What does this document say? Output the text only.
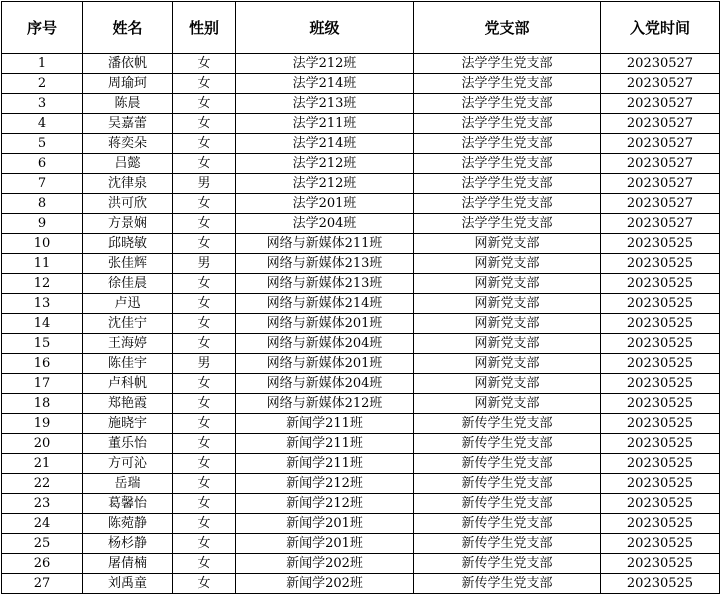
序号	姓名	性别	班级	党支部	入党时间
1	潘依帆	女	法学212班	法学学生党支部	20230527
2	周瑜珂	女	法学214班	法学学生党支部	20230527
3	陈晨	女	法学213班	法学学生党支部	20230527
4	吴嘉蕾	女	法学211班	法学学生党支部	20230527
5	蒋奕朵	女	法学214班	法学学生党支部	20230527
6	吕懿	女	法学212班	法学学生党支部	20230527
7	沈律泉	男	法学212班	法学学生党支部	20230527
8	洪可欣	女	法学201班	法学学生党支部	20230527
9	方景娴	女	法学204班	法学学生党支部	20230527
10	邱晓敏	女	网络与新媒体211班	网新党支部	20230525
11	张佳辉	男	网络与新媒体213班	网新党支部	20230525
12	徐佳晨	女	网络与新媒体213班	网新党支部	20230525
13	卢迅	女	网络与新媒体214班	网新党支部	20230525
14	沈佳宁	女	网络与新媒体201班	网新党支部	20230525
15	王海婷	女	网络与新媒体204班	网新党支部	20230525
16	陈佳宇	男	网络与新媒体201班	网新党支部	20230525
17	卢科帆	女	网络与新媒体204班	网新党支部	20230525
18	郑艳霞	女	网络与新媒体212班	网新党支部	20230525
19	施晓宇	女	新闻学211班	新传学生党支部	20230525
20	董乐怡	女	新闻学211班	新传学生党支部	20230525
21	方可沁	女	新闻学211班	新传学生党支部	20230525
22	岳瑞	女	新闻学212班	新传学生党支部	20230525
23	葛馨怡	女	新闻学212班	新传学生党支部	20230525
24	陈菀静	女	新闻学201班	新传学生党支部	20230525
25	杨杉静	女	新闻学201班	新传学生党支部	20230525
26	屠倩楠	女	新闻学202班	新传学生党支部	20230525
27	刘禹童	女	新闻学202班	新传学生党支部	20230525
